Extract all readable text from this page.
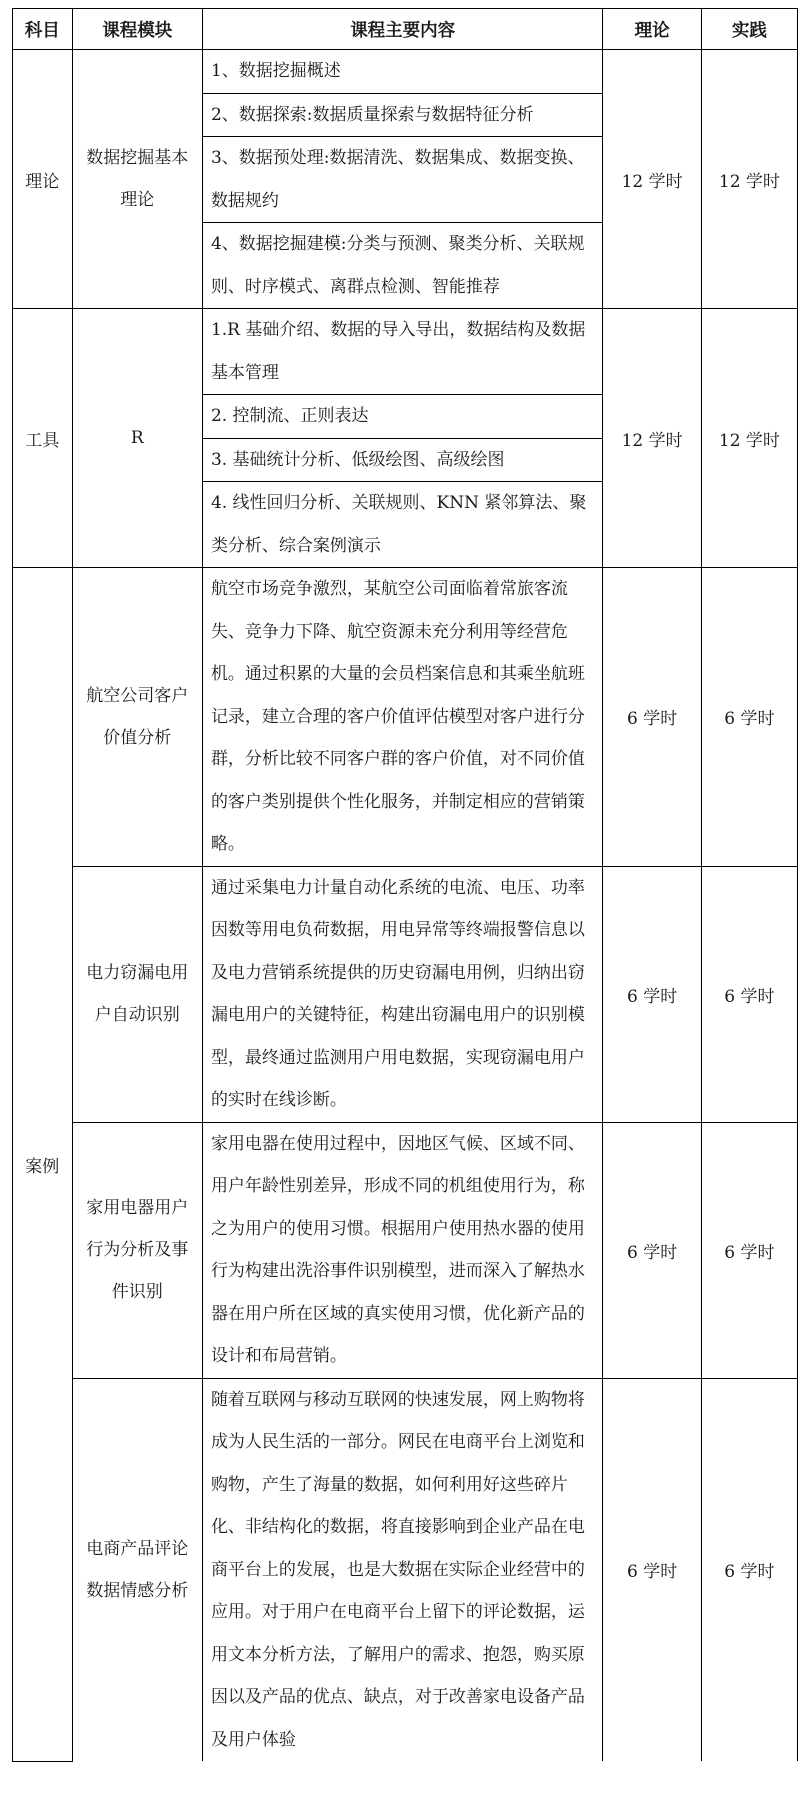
科目	课程模块	课程主要内容	理论	实践
理论	数据挖掘基本理论	1、数据挖掘概述	12 学时	12 学时
		2、数据探索:数据质量探索与数据特征分析		
		3、数据预处理:数据清洗、数据集成、数据变换、数据规约		
		4、数据挖掘建模:分类与预测、聚类分析、关联规则、时序模式、离群点检测、智能推荐		
工具	R	1.R 基础介绍、数据的导入导出，数据结构及数据基本管理	12 学时	12 学时
		2. 控制流、正则表达		
		3. 基础统计分析、低级绘图、高级绘图		
		4. 线性回归分析、关联规则、KNN 紧邻算法、聚类分析、综合案例演示		
案例	航空公司客户价值分析	航空市场竞争激烈，某航空公司面临着常旅客流失、竞争力下降、航空资源未充分利用等经营危机。通过积累的大量的会员档案信息和其乘坐航班记录，建立合理的客户价值评估模型对客户进行分群，分析比较不同客户群的客户价值，对不同价值的客户类别提供个性化服务，并制定相应的营销策略。	6 学时	6 学时
	电力窃漏电用户自动识别	通过采集电力计量自动化系统的电流、电压、功率因数等用电负荷数据，用电异常等终端报警信息以及电力营销系统提供的历史窃漏电用例，归纳出窃漏电用户的关键特征，构建出窃漏电用户的识别模型，最终通过监测用户用电数据，实现窃漏电用户的实时在线诊断。	6 学时	6 学时
	家用电器用户行为分析及事件识别	家用电器在使用过程中，因地区气候、区域不同、用户年龄性别差异，形成不同的机组使用行为，称之为用户的使用习惯。根据用户使用热水器的使用行为构建出洗浴事件识别模型，进而深入了解热水器在用户所在区域的真实使用习惯，优化新产品的设计和布局营销。	6 学时	6 学时
	电商产品评论数据情感分析	随着互联网与移动互联网的快速发展，网上购物将成为人民生活的一部分。网民在电商平台上浏览和购物，产生了海量的数据，如何利用好这些碎片化、非结构化的数据，将直接影响到企业产品在电商平台上的发展，也是大数据在实际企业经营中的应用。对于用户在电商平台上留下的评论数据，运用文本分析方法，了解用户的需求、抱怨，购买原因以及产品的优点、缺点，对于改善家电设备产品及用户体验	6 学时	6 学时
